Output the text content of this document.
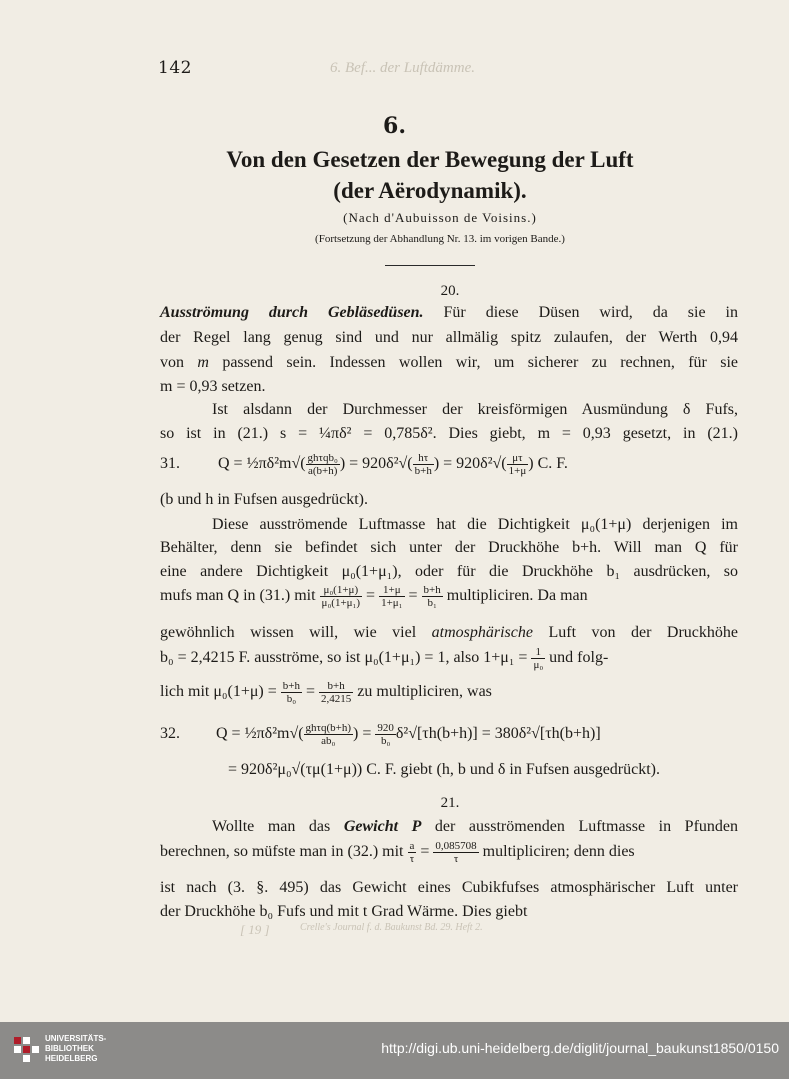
6. Bef... der Luftdämme.
Crelle's Journal f. d. Baukunst Bd. 29. Heft 2.
[ 19 ]
142
6.
Von den Gesetzen der Bewegung der Luft
(der Aërodynamik).
(Nach d'Aubuisson de Voisins.)
(Fortsetzung der Abhandlung Nr. 13. im vorigen Bande.)
20.
Ausströmung durch Gebläsedüsen. Für diese Düsen wird, da sie in
der Regel lang genug sind und nur allmälig spitz zulaufen, der Werth 0,94
von m passend sein. Indessen wollen wir, um sicherer zu rechnen, für sie
m = 0,93 setzen.
Ist alsdann der Durchmesser der kreisförmigen Ausmündung δ Fufs,
so ist in (21.) s = ¼πδ² = 0,785δ². Dies giebt, m = 0,93 gesetzt, in (21.)
31. Q = ½πδ²m√( $\frac{\text{ghτqb₀}}{a(b+h)}$ ) = $920\delta^2√( \frac{h\tau}{b+h}$ ) = $920\delta^2√( \frac{\mu\tau}{1+\mu}$ ) C. F.
(b und h in Fufsen ausgedrückt).
Diese ausströmende Luftmasse hat die Dichtigkeit μ₀(1+μ) derjenigen im
Behälter, denn sie befindet sich unter der Druckhöhe b+h. Will man Q für
eine andere Dichtigkeit μ₀(1+μ₁), oder für die Druckhöhe b₁ ausdrücken, so
mufs man Q in (31.) mit $\frac{\text{μ₀(1+μ)}}{\text{μ₀(1+μ₁)}} = \frac{1+\mu}{\text{1+μ₁}} = \frac{b+h}{\text{b₁}}$ multipliciren. Da man
gewöhnlich wissen will, wie viel atmosphärische Luft von der Druckhöhe
b₀ = 2,4215 F. ausströme, so ist μ₀(1+μ₁) = 1, also $1+\mu_1 = \frac{1}{\text{μ₀}}$ und folg-
lich mit $\mu_0(1+\mu) = \frac{b+h}{\text{b₀}} = \frac{b+h}{2,4215}$ zu multipliciren, was
32. Q = ½πδ²m√( $\frac{\text{ghτq(b+h)}}{\text{ab₀}}$ ) = $\frac{920}{\text{b₀}} \delta^2√[\tau h(b+h)] = 380\delta^2√[\tau h(b+h)]$
= 920δ²μ₀√(τμ(1+μ)) C. F. giebt (h, b und δ in Fufsen ausgedrückt).
21.
Wollte man das Gewicht P der ausströmenden Luftmasse in Pfunden
berechnen, so müfste man in (32.) mit $\frac{a}{\tau} = \frac{0,085708}{\tau}$ multipliciren; denn dies
ist nach (3. §. 495) das Gewicht eines Cubikfufses atmosphärischer Luft unter
der Druckhöhe b₀ Fufs und mit t Grad Wärme. Dies giebt
UNIVERSITÄTS-
BIBLIOTHEK
HEIDELBERG
http://digi.ub.uni-heidelberg.de/diglit/journal_baukunst1850/0150
